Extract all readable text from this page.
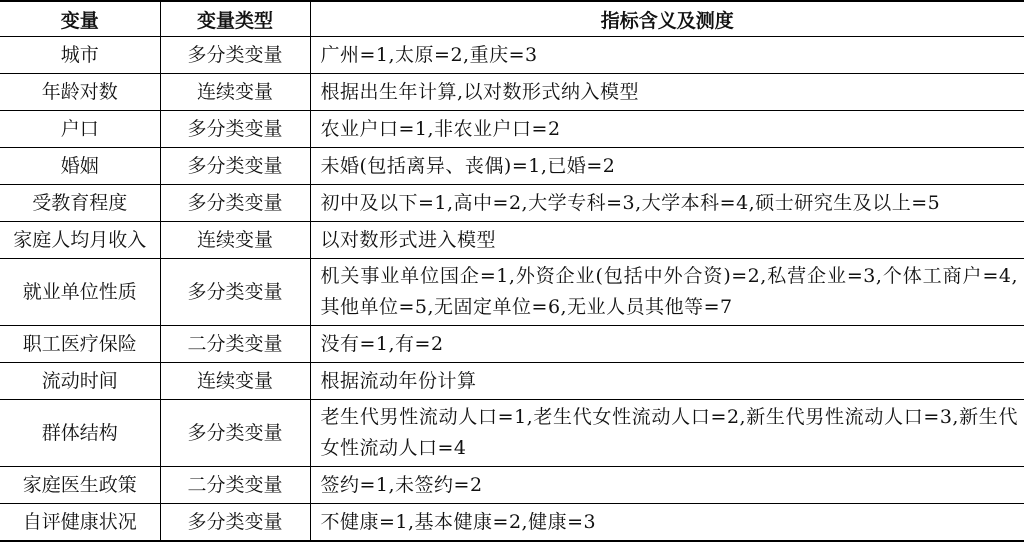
变量	变量类型	指标含义及测度
城市	多分类变量	广州=1,太原=2,重庆=3
年龄对数	连续变量	根据出生年计算,以对数形式纳入模型
户口	多分类变量	农业户口=1,非农业户口=2
婚姻	多分类变量	未婚(包括离异、丧偶)=1,已婚=2
受教育程度	多分类变量	初中及以下=1,高中=2,大学专科=3,大学本科=4,硕士研究生及以上=5
家庭人均月收入	连续变量	以对数形式进入模型
就业单位性质	多分类变量	机关事业单位国企=1,外资企业(包括中外合资)=2,私营企业=3,个体工商户=4,其他单位=5,无固定单位=6,无业人员其他等=7
职工医疗保险	二分类变量	没有=1,有=2
流动时间	连续变量	根据流动年份计算
群体结构	多分类变量	老生代男性流动人口=1,老生代女性流动人口=2,新生代男性流动人口=3,新生代女性流动人口=4
家庭医生政策	二分类变量	签约=1,未签约=2
自评健康状况	多分类变量	不健康=1,基本健康=2,健康=3
